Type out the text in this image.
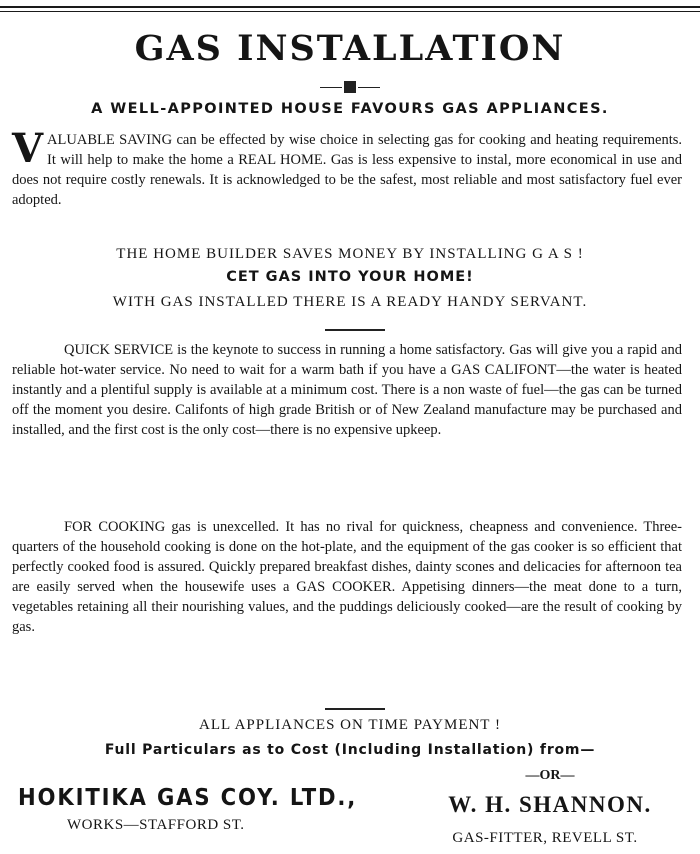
GAS INSTALLATION
A WELL-APPOINTED HOUSE FAVOURS GAS APPLIANCES.
VALUABLE SAVING can be effected by wise choice in selecting gas for cooking and heating requirements. It will help to make the home a REAL HOME. Gas is less expensive to instal, more economical in use and does not require costly renewals. It is acknowledged to be the safest, most reliable and most satisfactory fuel ever adopted.
THE HOME BUILDER SAVES MONEY BY INSTALLING G A S !
CET GAS INTO YOUR HOME!
WITH GAS INSTALLED THERE IS A READY HANDY SERVANT.
QUICK SERVICE is the keynote to success in running a home satisfactory. Gas will give you a rapid and reliable hot-water service. No need to wait for a warm bath if you have a GAS CALIFONT—the water is heated instantly and a plentiful supply is available at a minimum cost. There is a non waste of fuel—the gas can be turned off the moment you desire. Califonts of high grade British or of New Zealand manufacture may be purchased and installed, and the first cost is the only cost—there is no expensive upkeep.
FOR COOKING gas is unexcelled. It has no rival for quickness, cheapness and convenience. Three-quarters of the household cooking is done on the hot-plate, and the equipment of the gas cooker is so efficient that perfectly cooked food is assured. Quickly prepared breakfast dishes, dainty scones and delicacies for afternoon tea are easily served when the housewife uses a GAS COOKER. Appetising dinners—the meat done to a turn, vegetables retaining all their nourishing values, and the puddings deliciously cooked—are the result of cooking by gas.
ALL APPLIANCES ON TIME PAYMENT !
Full Particulars as to Cost (Including Installation) from—
—OR—
HOKITIKA GAS COY. LTD.,
WORKS—STAFFORD ST.
W. H. SHANNON.
GAS-FITTER, REVELL ST.
